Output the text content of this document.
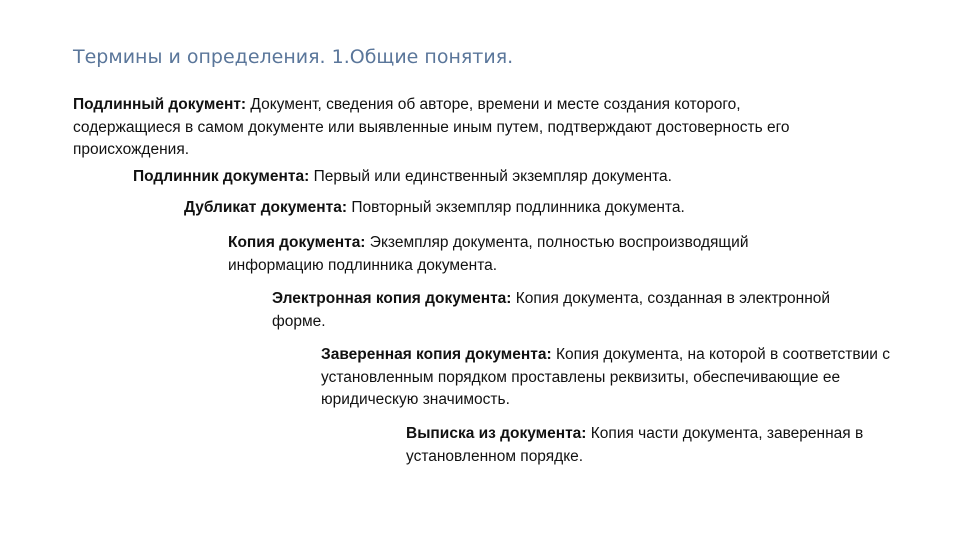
Термины и определения. 1.Общие понятия.

Подлинный документ: Документ, сведения об авторе, времени и месте создания которого, содержащиеся в самом документе или выявленные иным путем, подтверждают достоверность его происхождения.

Подлинник документа: Первый или единственный экземпляр документа.

Дубликат документа: Повторный экземпляр подлинника документа.

Копия документа: Экземпляр документа, полностью воспроизводящий информацию подлинника документа.

Электронная копия документа: Копия документа, созданная в электронной форме.

Заверенная копия документа: Копия документа, на которой в соответствии с установленным порядком проставлены реквизиты, обеспечивающие ее юридическую значимость.

Выписка из документа: Копия части документа, заверенная в установленном порядке.
